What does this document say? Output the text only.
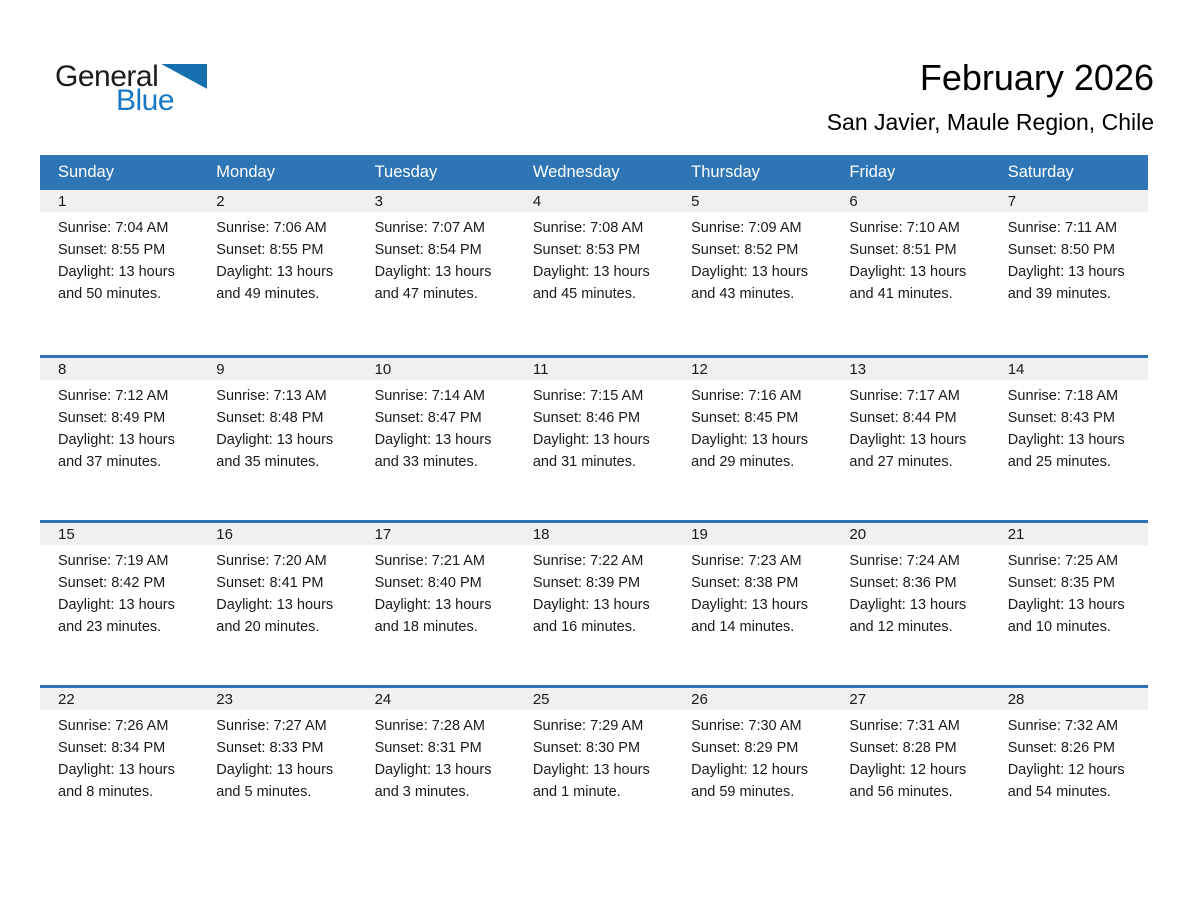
General
Blue
February 2026
San Javier, Maule Region, Chile
Sunday	Monday	Tuesday	Wednesday	Thursday	Friday	Saturday
1	2	3	4	5	6	7
Sunrise: 7:04 AM
Sunset: 8:55 PM
Daylight: 13 hours and 50 minutes.
Sunrise: 7:06 AM
Sunset: 8:55 PM
Daylight: 13 hours and 49 minutes.
Sunrise: 7:07 AM
Sunset: 8:54 PM
Daylight: 13 hours and 47 minutes.
Sunrise: 7:08 AM
Sunset: 8:53 PM
Daylight: 13 hours and 45 minutes.
Sunrise: 7:09 AM
Sunset: 8:52 PM
Daylight: 13 hours and 43 minutes.
Sunrise: 7:10 AM
Sunset: 8:51 PM
Daylight: 13 hours and 41 minutes.
Sunrise: 7:11 AM
Sunset: 8:50 PM
Daylight: 13 hours and 39 minutes.
8	9	10	11	12	13	14
Sunrise: 7:12 AM
Sunset: 8:49 PM
Daylight: 13 hours and 37 minutes.
Sunrise: 7:13 AM
Sunset: 8:48 PM
Daylight: 13 hours and 35 minutes.
Sunrise: 7:14 AM
Sunset: 8:47 PM
Daylight: 13 hours and 33 minutes.
Sunrise: 7:15 AM
Sunset: 8:46 PM
Daylight: 13 hours and 31 minutes.
Sunrise: 7:16 AM
Sunset: 8:45 PM
Daylight: 13 hours and 29 minutes.
Sunrise: 7:17 AM
Sunset: 8:44 PM
Daylight: 13 hours and 27 minutes.
Sunrise: 7:18 AM
Sunset: 8:43 PM
Daylight: 13 hours and 25 minutes.
15	16	17	18	19	20	21
Sunrise: 7:19 AM
Sunset: 8:42 PM
Daylight: 13 hours and 23 minutes.
Sunrise: 7:20 AM
Sunset: 8:41 PM
Daylight: 13 hours and 20 minutes.
Sunrise: 7:21 AM
Sunset: 8:40 PM
Daylight: 13 hours and 18 minutes.
Sunrise: 7:22 AM
Sunset: 8:39 PM
Daylight: 13 hours and 16 minutes.
Sunrise: 7:23 AM
Sunset: 8:38 PM
Daylight: 13 hours and 14 minutes.
Sunrise: 7:24 AM
Sunset: 8:36 PM
Daylight: 13 hours and 12 minutes.
Sunrise: 7:25 AM
Sunset: 8:35 PM
Daylight: 13 hours and 10 minutes.
22	23	24	25	26	27	28
Sunrise: 7:26 AM
Sunset: 8:34 PM
Daylight: 13 hours and 8 minutes.
Sunrise: 7:27 AM
Sunset: 8:33 PM
Daylight: 13 hours and 5 minutes.
Sunrise: 7:28 AM
Sunset: 8:31 PM
Daylight: 13 hours and 3 minutes.
Sunrise: 7:29 AM
Sunset: 8:30 PM
Daylight: 13 hours and 1 minute.
Sunrise: 7:30 AM
Sunset: 8:29 PM
Daylight: 12 hours and 59 minutes.
Sunrise: 7:31 AM
Sunset: 8:28 PM
Daylight: 12 hours and 56 minutes.
Sunrise: 7:32 AM
Sunset: 8:26 PM
Daylight: 12 hours and 54 minutes.
